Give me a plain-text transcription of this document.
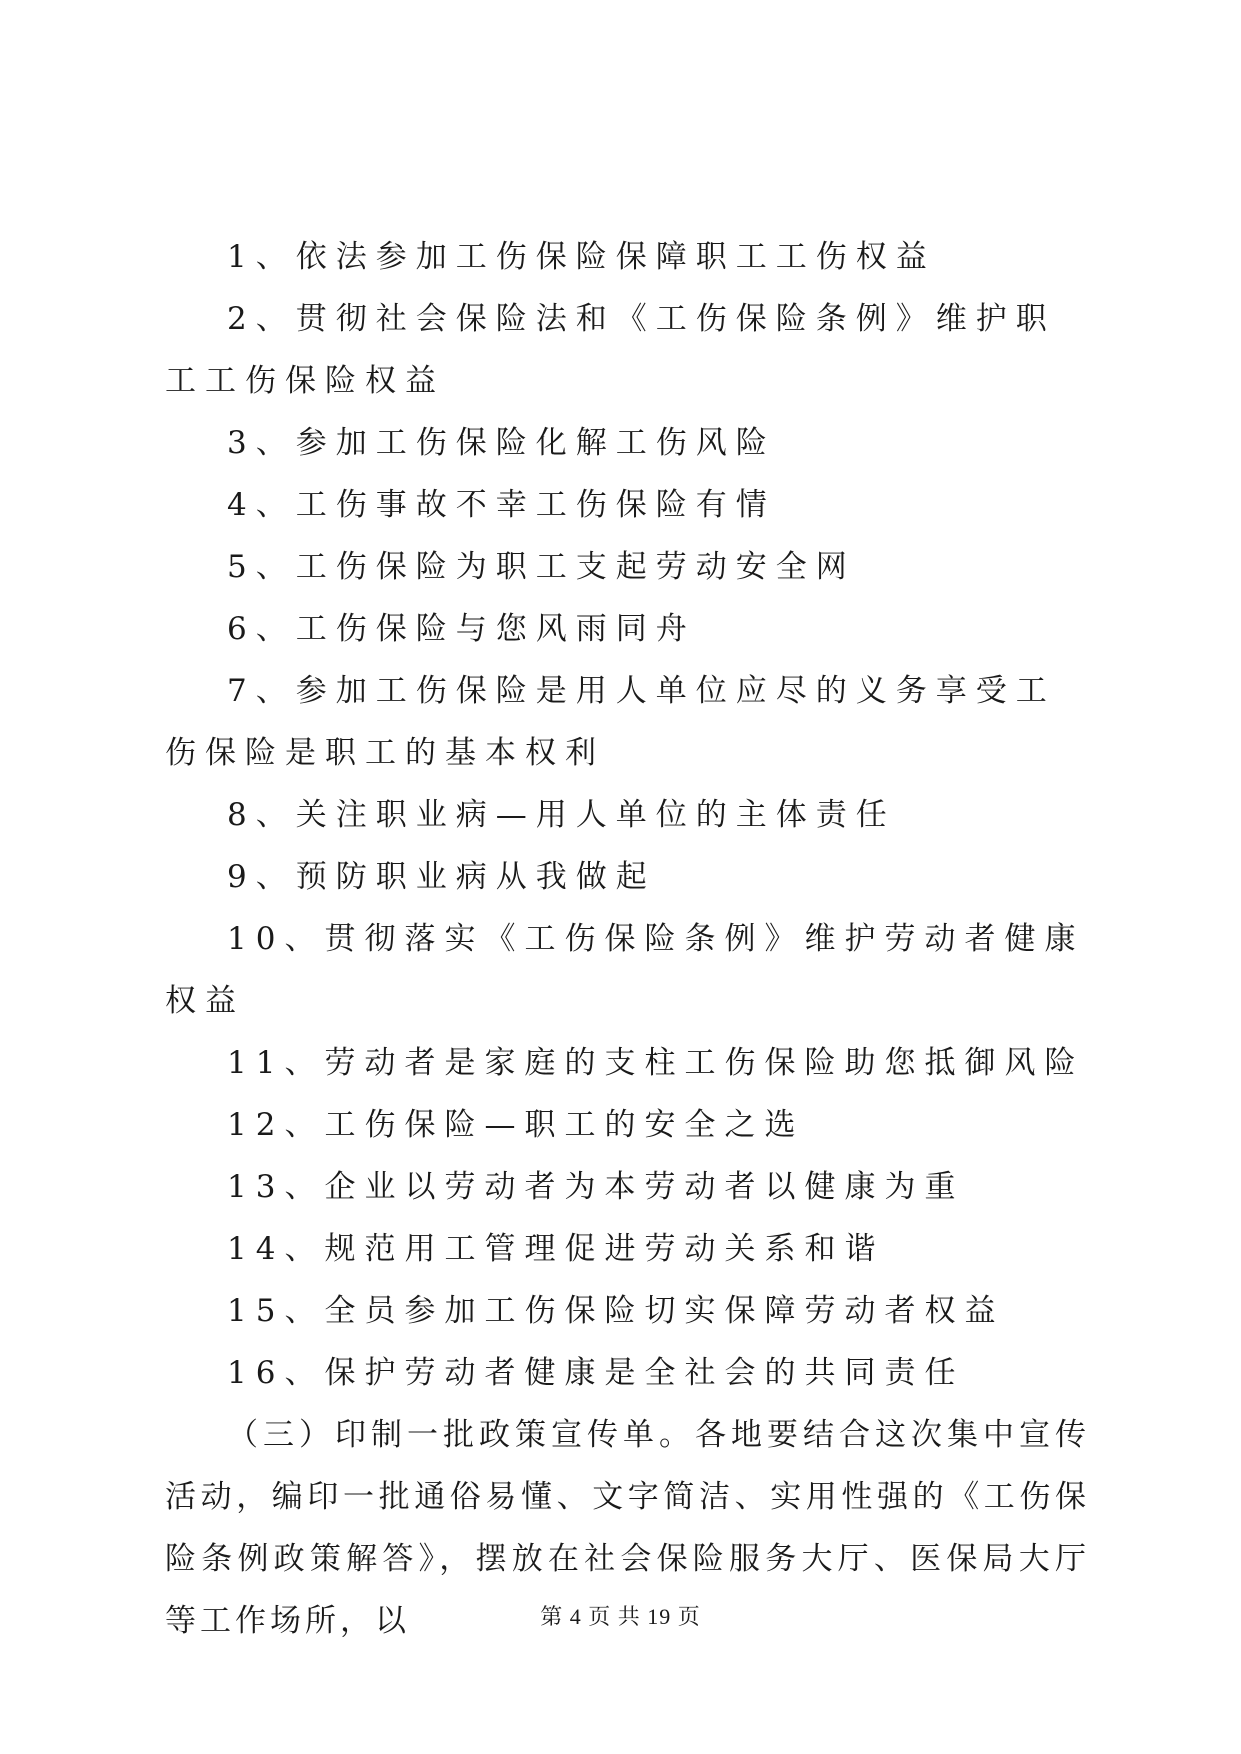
1、依法参加工伤保险保障职工工伤权益

2、贯彻社会保险法和《工伤保险条例》维护职工工伤保险权益

3、参加工伤保险化解工伤风险

4、工伤事故不幸工伤保险有情

5、工伤保险为职工支起劳动安全网

6、工伤保险与您风雨同舟

7、参加工伤保险是用人单位应尽的义务享受工伤保险是职工的基本权利

8、关注职业病—用人单位的主体责任

9、预防职业病从我做起

10、贯彻落实《工伤保险条例》维护劳动者健康权益

11、劳动者是家庭的支柱工伤保险助您抵御风险

12、工伤保险—职工的安全之选

13、企业以劳动者为本劳动者以健康为重

14、规范用工管理促进劳动关系和谐

15、全员参加工伤保险切实保障劳动者权益

16、保护劳动者健康是全社会的共同责任

（三）印制一批政策宣传单。各地要结合这次集中宣传活动，编印一批通俗易懂、文字简洁、实用性强的《工伤保险条例政策解答》，摆放在社会保险服务大厅、医保局大厅等工作场所，以	第 4 页 共 19 页
